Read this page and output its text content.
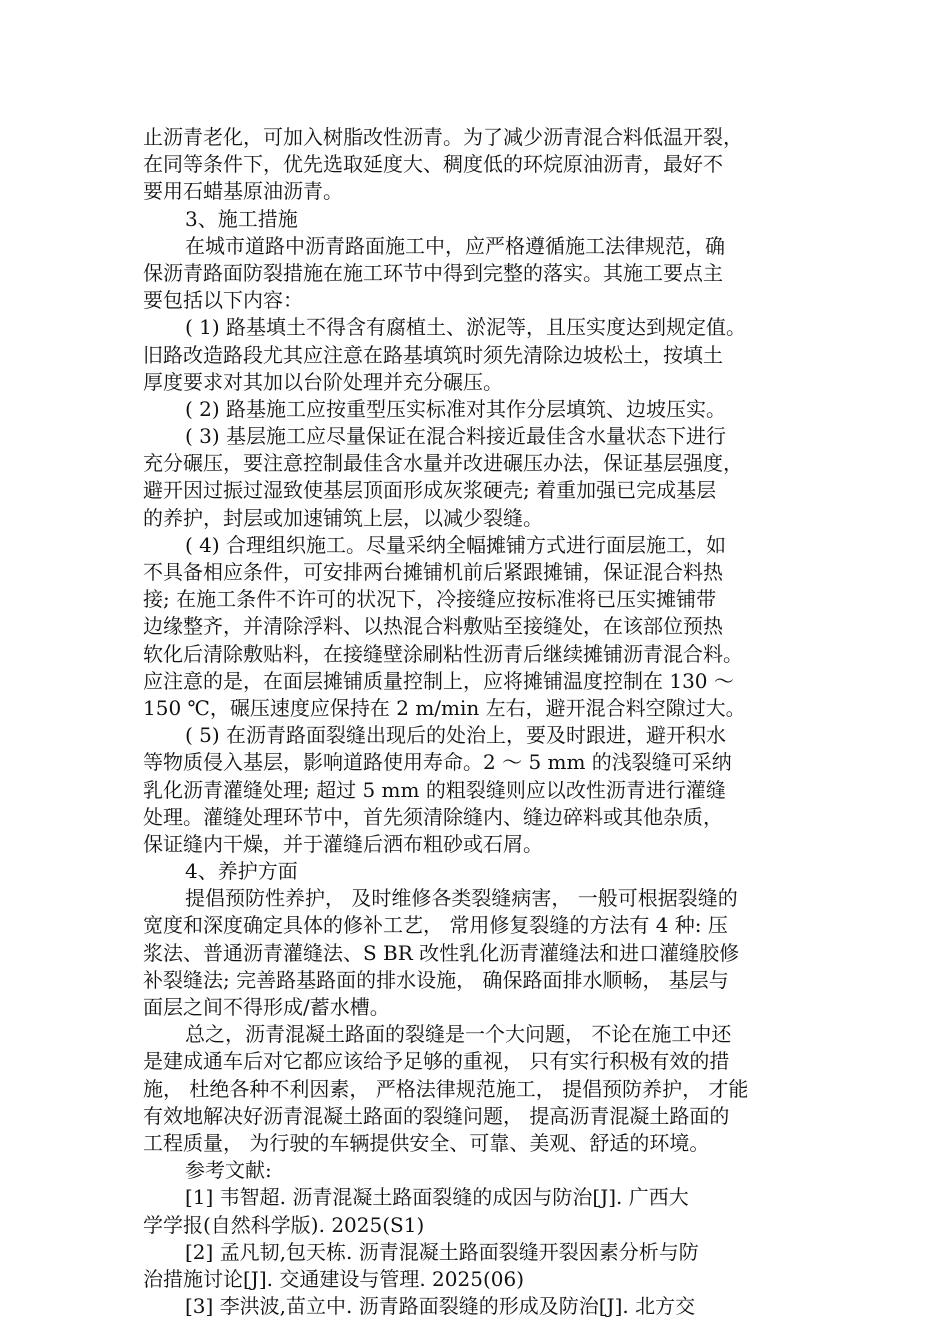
止沥青老化，可加入树脂改性沥青。为了减少沥青混合料低温开裂，
在同等条件下，优先选取延度大、稠度低的环烷原油沥青，最好不
要用石蜡基原油沥青。
3、施工措施
在城市道路中沥青路面施工中，应严格遵循施工法律规范，确
保沥青路面防裂措施在施工环节中得到完整的落实。其施工要点主
要包括以下内容：
( 1) 路基填土不得含有腐植土、淤泥等，且压实度达到规定值。
旧路改造路段尤其应注意在路基填筑时须先清除边坡松土，按填土
厚度要求对其加以台阶处理并充分碾压。
( 2) 路基施工应按重型压实标准对其作分层填筑、边坡压实。
( 3) 基层施工应尽量保证在混合料接近最佳含水量状态下进行
充分碾压，要注意控制最佳含水量并改进碾压办法，保证基层强度，
避开因过振过湿致使基层顶面形成灰浆硬壳; 着重加强已完成基层
的养护，封层或加速铺筑上层，以减少裂缝。
( 4) 合理组织施工。尽量采纳全幅摊铺方式进行面层施工，如
不具备相应条件，可安排两台摊铺机前后紧跟摊铺，保证混合料热
接; 在施工条件不许可的状况下，冷接缝应按标准将已压实摊铺带
边缘整齐，并清除浮料、以热混合料敷贴至接缝处，在该部位预热
软化后清除敷贴料，在接缝壁涂刷粘性沥青后继续摊铺沥青混合料。
应注意的是，在面层摊铺质量控制上，应将摊铺温度控制在 130 ～
150 ℃，碾压速度应保持在 2 m/min 左右，避开混合料空隙过大。
( 5) 在沥青路面裂缝出现后的处治上，要及时跟进，避开积水
等物质侵入基层，影响道路使用寿命。2 ～ 5 mm 的浅裂缝可采纳
乳化沥青灌缝处理; 超过 5 mm 的粗裂缝则应以改性沥青进行灌缝
处理。灌缝处理环节中，首先须清除缝内、缝边碎料或其他杂质，
保证缝内干燥，并于灌缝后洒布粗砂或石屑。
4、养护方面
提倡预防性养护， 及时维修各类裂缝病害， 一般可根据裂缝的
宽度和深度确定具体的修补工艺， 常用修复裂缝的方法有 4 种: 压
浆法、普通沥青灌缝法、S BR 改性乳化沥青灌缝法和进口灌缝胶修
补裂缝法; 完善路基路面的排水设施， 确保路面排水顺畅， 基层与
面层之间不得形成/蓄水槽。
总之，沥青混凝土路面的裂缝是一个大问题， 不论在施工中还
是建成通车后对它都应该给予足够的重视， 只有实行积极有效的措
施， 杜绝各种不利因素， 严格法律规范施工， 提倡预防养护， 才能
有效地解决好沥青混凝土路面的裂缝问题， 提高沥青混凝土路面的
工程质量， 为行驶的车辆提供安全、可靠、美观、舒适的环境。
参考文献:
[1] 韦智超. 沥青混凝土路面裂缝的成因与防治[J]. 广西大
学学报(自然科学版). 2025(S1)
[2] 孟凡韧,包天栋. 沥青混凝土路面裂缝开裂因素分析与防
治措施讨论[J]. 交通建设与管理. 2025(06)
[3] 李洪波,苗立中. 沥青路面裂缝的形成及防治[J]. 北方交
